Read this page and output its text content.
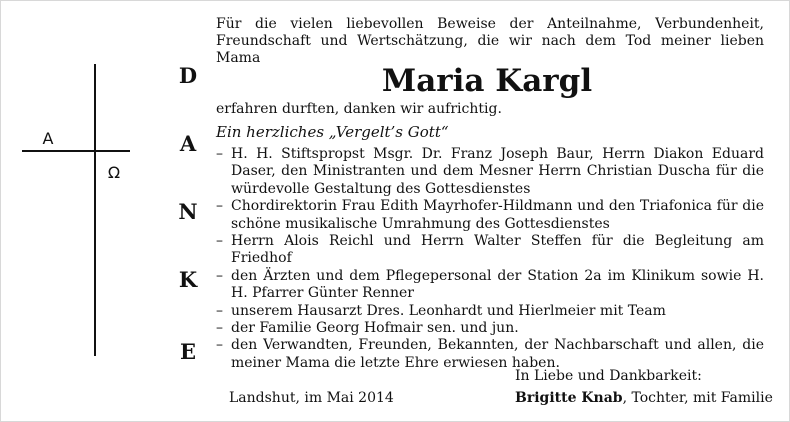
Α
Ω
D
A
N
K
E
Für die vielen liebevollen Beweise der Anteilnahme, Verbundenheit, Freundschaft und Wertschätzung, die wir nach dem Tod meiner lieben Mama
Maria Kargl
erfahren durften, danken wir aufrichtig.
Ein herzliches „Vergelt’s Gott“
– H. H. Stiftspropst Msgr. Dr. Franz Joseph Baur, Herrn Diakon Eduard Daser, den Ministranten und dem Mesner Herrn Christian Duscha für die würdevolle Gestaltung des Gottesdienstes
– Chordirektorin Frau Edith Mayrhofer-Hildmann und den Triafonica für die schöne musikalische Umrahmung des Gottesdienstes
– Herrn Alois Reichl und Herrn Walter Steffen für die Begleitung am Friedhof
– den Ärzten und dem Pflegepersonal der Station 2a im Klinikum sowie H. H. Pfarrer Günter Renner
– unserem Hausarzt Dres. Leonhardt und Hierlmeier mit Team
– der Familie Georg Hofmair sen. und jun.
– den Verwandten, Freunden, Bekannten, der Nachbarschaft und allen, die meiner Mama die letzte Ehre erwiesen haben.
In Liebe und Dankbarkeit:
Landshut, im Mai 2014	Brigitte Knab, Tochter, mit Familie
